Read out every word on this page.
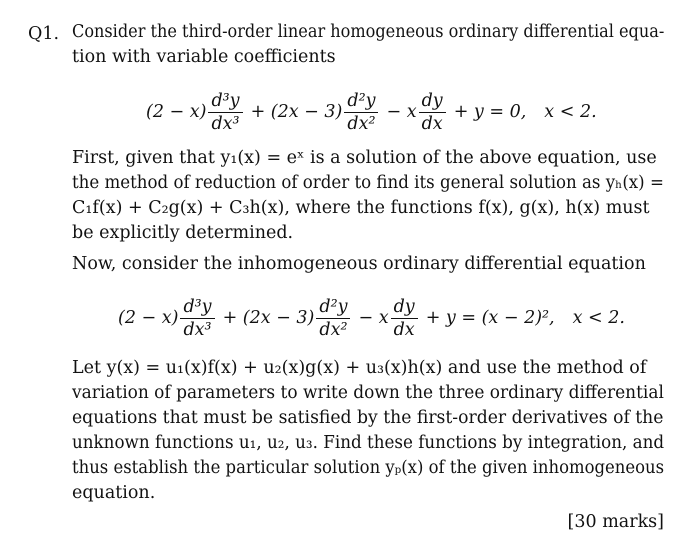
Q1. Consider the third-order linear homogeneous ordinary differential equa-
tion with variable coefficients
$(2 - x) \frac{\text{d³y}}{\text{dx³}} + (2x - 3) \frac{\text{d²y}}{\text{dx²}} - x \frac{dy}{dx} + y = 0$, x < 2.
First, given that y₁(x) = eˣ is a solution of the above equation, use
the method of reduction of order to find its general solution as yₕ(x) =
C₁f(x) + C₂g(x) + C₃h(x), where the functions f(x), g(x), h(x) must
be explicitly determined.
Now, consider the inhomogeneous ordinary differential equation
$(2 - x) \frac{\text{d³y}}{\text{dx³}} + (2x - 3) \frac{\text{d²y}}{\text{dx²}} - x \frac{dy}{dx} + y = (x - 2)^2$, x < 2.
Let y(x) = u₁(x)f(x) + u₂(x)g(x) + u₃(x)h(x) and use the method of
variation of parameters to write down the three ordinary differential
equations that must be satisfied by the first-order derivatives of the
unknown functions u₁, u₂, u₃. Find these functions by integration, and
thus establish the particular solution yₚ(x) of the given inhomogeneous
equation.
[30 marks]
